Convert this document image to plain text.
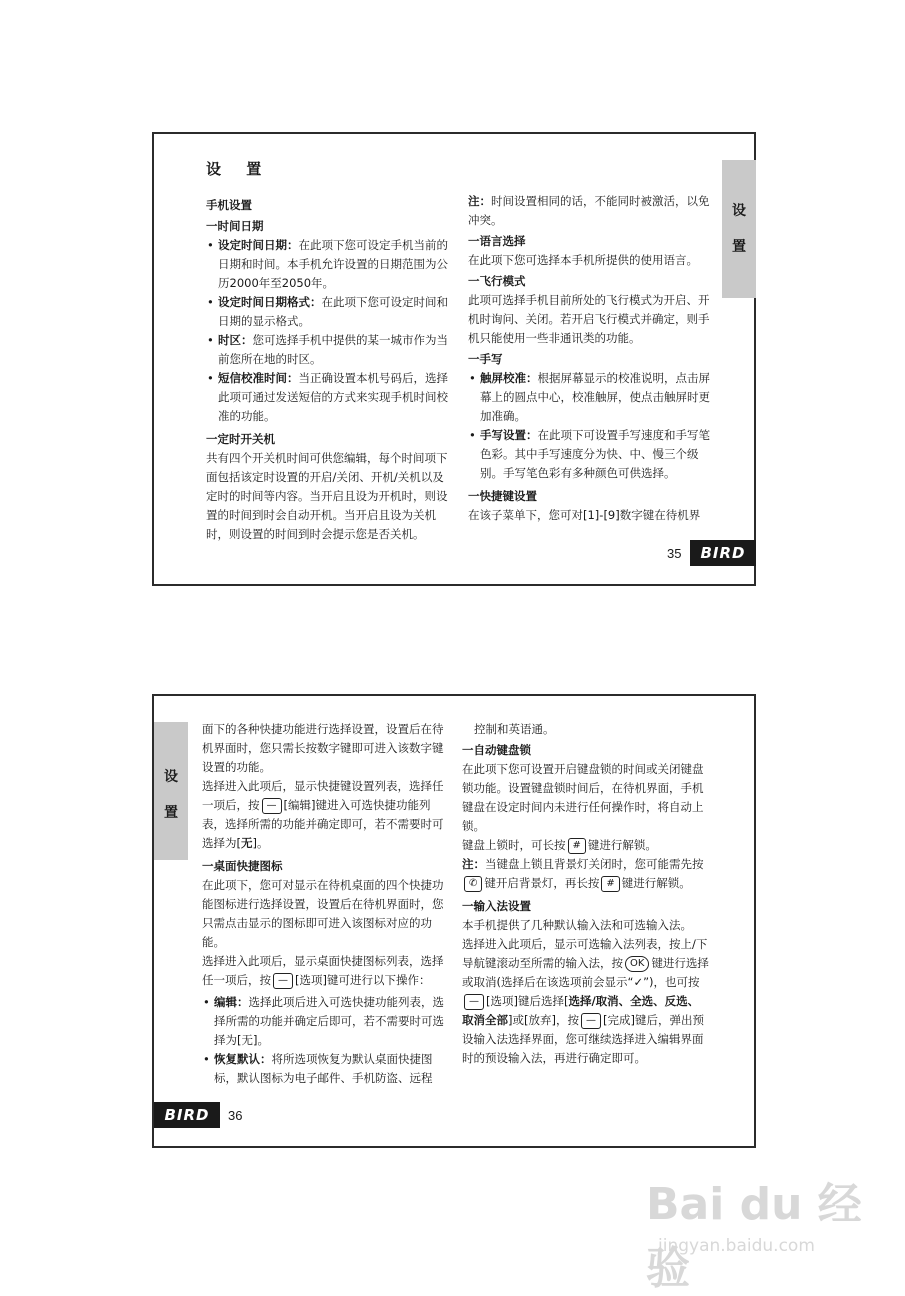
设 置

手机设置

一时间日期

• 设定时间日期：在此项下您可设定手机当前的日期和时间。本手机允许设置的日期范围为公历2000年至2050年。

• 设定时间日期格式：在此项下您可设定时间和日期的显示格式。

• 时区：您可选择手机中提供的某一城市作为当前您所在地的时区。

• 短信校准时间：当正确设置本机号码后，选择此项可通过发送短信的方式来实现手机时间校准的功能。

一定时开关机

共有四个开关机时间可供您编辑，每个时间项下面包括该定时设置的开启/关闭、开机/关机以及定时的时间等内容。当开启且设为开机时，则设置的时间到时会自动开机。当开启且设为关机时，则设置的时间到时会提示您是否关机。

注：时间设置相同的话，不能同时被激活，以免冲突。

一语言选择

在此项下您可选择本手机所提供的使用语言。

一飞行模式

此项可选择手机目前所处的飞行模式为开启、开机时询问、关闭。若开启飞行模式并确定，则手机只能使用一些非通讯类的功能。

一手写

• 触屏校准：根据屏幕显示的校准说明，点击屏幕上的圆点中心，校准触屏，使点击触屏时更加准确。

• 手写设置：在此项下可设置手写速度和手写笔色彩。其中手写速度分为快、中、慢三个级别。手写笔色彩有多种颜色可供选择。

一快捷键设置

在该子菜单下，您可对[1]-[9]数字键在待机界

设
置
35	BIRD
设
置

面下的各种快捷功能进行选择设置，设置后在待机界面时，您只需长按数字键即可进入该数字键设置的功能。

选择进入此项后，显示快捷键设置列表，选择任一项后，按 — [编辑]键进入可选快捷功能列表，选择所需的功能并确定即可，若不需要时可选择为[无]。

一桌面快捷图标

在此项下，您可对显示在待机桌面的四个快捷功能图标进行选择设置，设置后在待机界面时，您只需点击显示的图标即可进入该图标对应的功能。

选择进入此项后，显示桌面快捷图标列表，选择任一项后，按 — [选项]键可进行以下操作：

• 编辑：选择此项后进入可选快捷功能列表，选择所需的功能并确定后即可，若不需要时可选择为[无]。

• 恢复默认：将所选项恢复为默认桌面快捷图标，默认图标为电子邮件、手机防盗、远程

控制和英语通。

一自动键盘锁

在此项下您可设置开启键盘锁的时间或关闭键盘锁功能。设置键盘锁时间后，在待机界面，手机键盘在设定时间内未进行任何操作时，将自动上锁。

键盘上锁时，可长按 # 键进行解锁。

注：当键盘上锁且背景灯关闭时，您可能需先按✆ 键开启背景灯，再长按 # 键进行解锁。

一输入法设置

本手机提供了几种默认输入法和可选输入法。

选择进入此项后，显示可选输入法列表，按上/下导航键滚动至所需的输入法，按 OK 键进行选择或取消(选择后在该选项前会显示“✓”)，也可按— [选项]键后选择[选择/取消、全选、反选、取消全部]或[放弃]，按 — [完成]键后，弹出预设输入法选择界面，您可继续选择进入编辑界面时的预设输入法，再进行确定即可。

BIRD	36
Bai du 经验
jingyan.baidu.com
